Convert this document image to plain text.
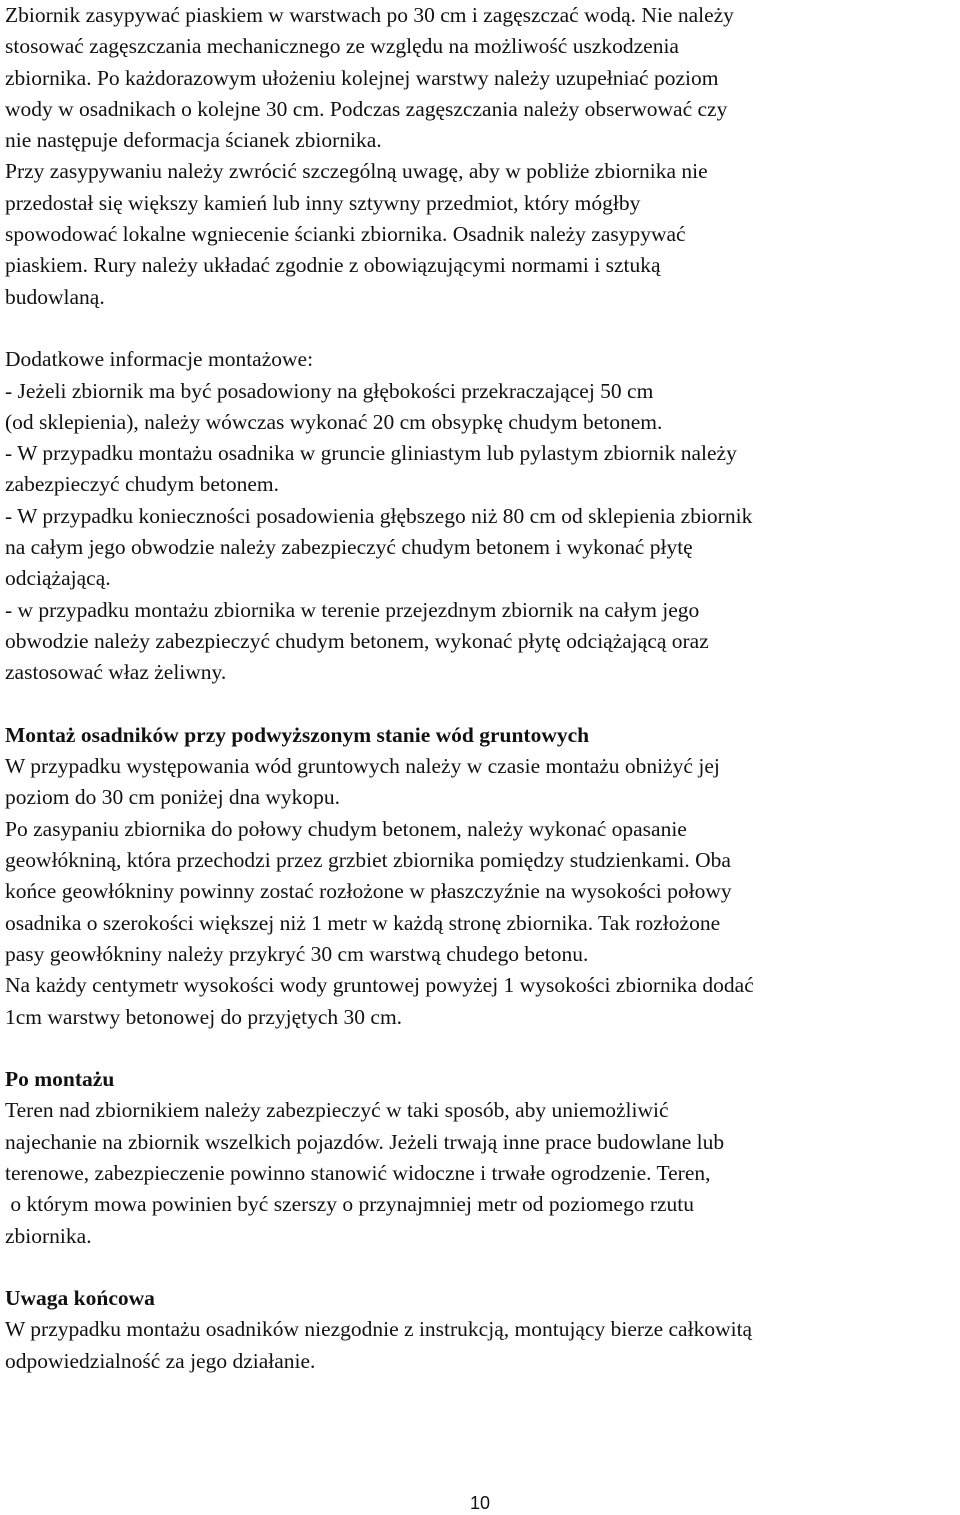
Zbiornik zasypywać piaskiem w warstwach po 30 cm i zagęszczać wodą. Nie należy
stosować zagęszczania mechanicznego ze względu na możliwość uszkodzenia
zbiornika. Po każdorazowym ułożeniu kolejnej warstwy należy uzupełniać poziom
wody w osadnikach o kolejne 30 cm. Podczas zagęszczania należy obserwować czy
nie następuje deformacja ścianek zbiornika.
Przy zasypywaniu należy zwrócić szczególną uwagę, aby w pobliże zbiornika nie
przedostał się większy kamień lub inny sztywny przedmiot, który mógłby
spowodować lokalne wgniecenie ścianki zbiornika. Osadnik należy zasypywać
piaskiem. Rury należy układać zgodnie z obowiązującymi normami i sztuką
budowlaną.
Dodatkowe informacje montażowe:
- Jeżeli zbiornik ma być posadowiony na głębokości przekraczającej 50 cm
(od sklepienia), należy wówczas wykonać 20 cm obsypkę chudym betonem.
- W przypadku montażu osadnika w gruncie gliniastym lub pylastym zbiornik należy
zabezpieczyć chudym betonem.
- W przypadku konieczności posadowienia głębszego niż 80 cm od sklepienia zbiornik
na całym jego obwodzie należy zabezpieczyć chudym betonem i wykonać płytę
odciążającą.
- w przypadku montażu zbiornika w terenie przejezdnym zbiornik na całym jego
obwodzie należy zabezpieczyć chudym betonem, wykonać płytę odciążającą oraz
zastosować właz żeliwny.
Montaż osadników przy podwyższonym stanie wód gruntowych
W przypadku występowania wód gruntowych należy w czasie montażu obniżyć jej
poziom do 30 cm poniżej dna wykopu.
Po zasypaniu zbiornika do połowy chudym betonem, należy wykonać opasanie
geowłókniną, która przechodzi przez grzbiet zbiornika pomiędzy studzienkami. Oba
końce geowłókniny powinny zostać rozłożone w płaszczyźnie na wysokości połowy
osadnika o szerokości większej niż 1 metr w każdą stronę zbiornika. Tak rozłożone
pasy geowłókniny należy przykryć 30 cm warstwą chudego betonu.
Na każdy centymetr wysokości wody gruntowej powyżej 1 wysokości zbiornika dodać
1cm warstwy betonowej do przyjętych 30 cm.
Po montażu
Teren nad zbiornikiem należy zabezpieczyć w taki sposób, aby uniemożliwić
najechanie na zbiornik wszelkich pojazdów. Jeżeli trwają inne prace budowlane lub
terenowe, zabezpieczenie powinno stanowić widoczne i trwałe ogrodzenie. Teren,
o którym mowa powinien być szerszy o przynajmniej metr od poziomego rzutu
zbiornika.
Uwaga końcowa
W przypadku montażu osadników niezgodnie z instrukcją, montujący bierze całkowitą
odpowiedzialność za jego działanie.
10
